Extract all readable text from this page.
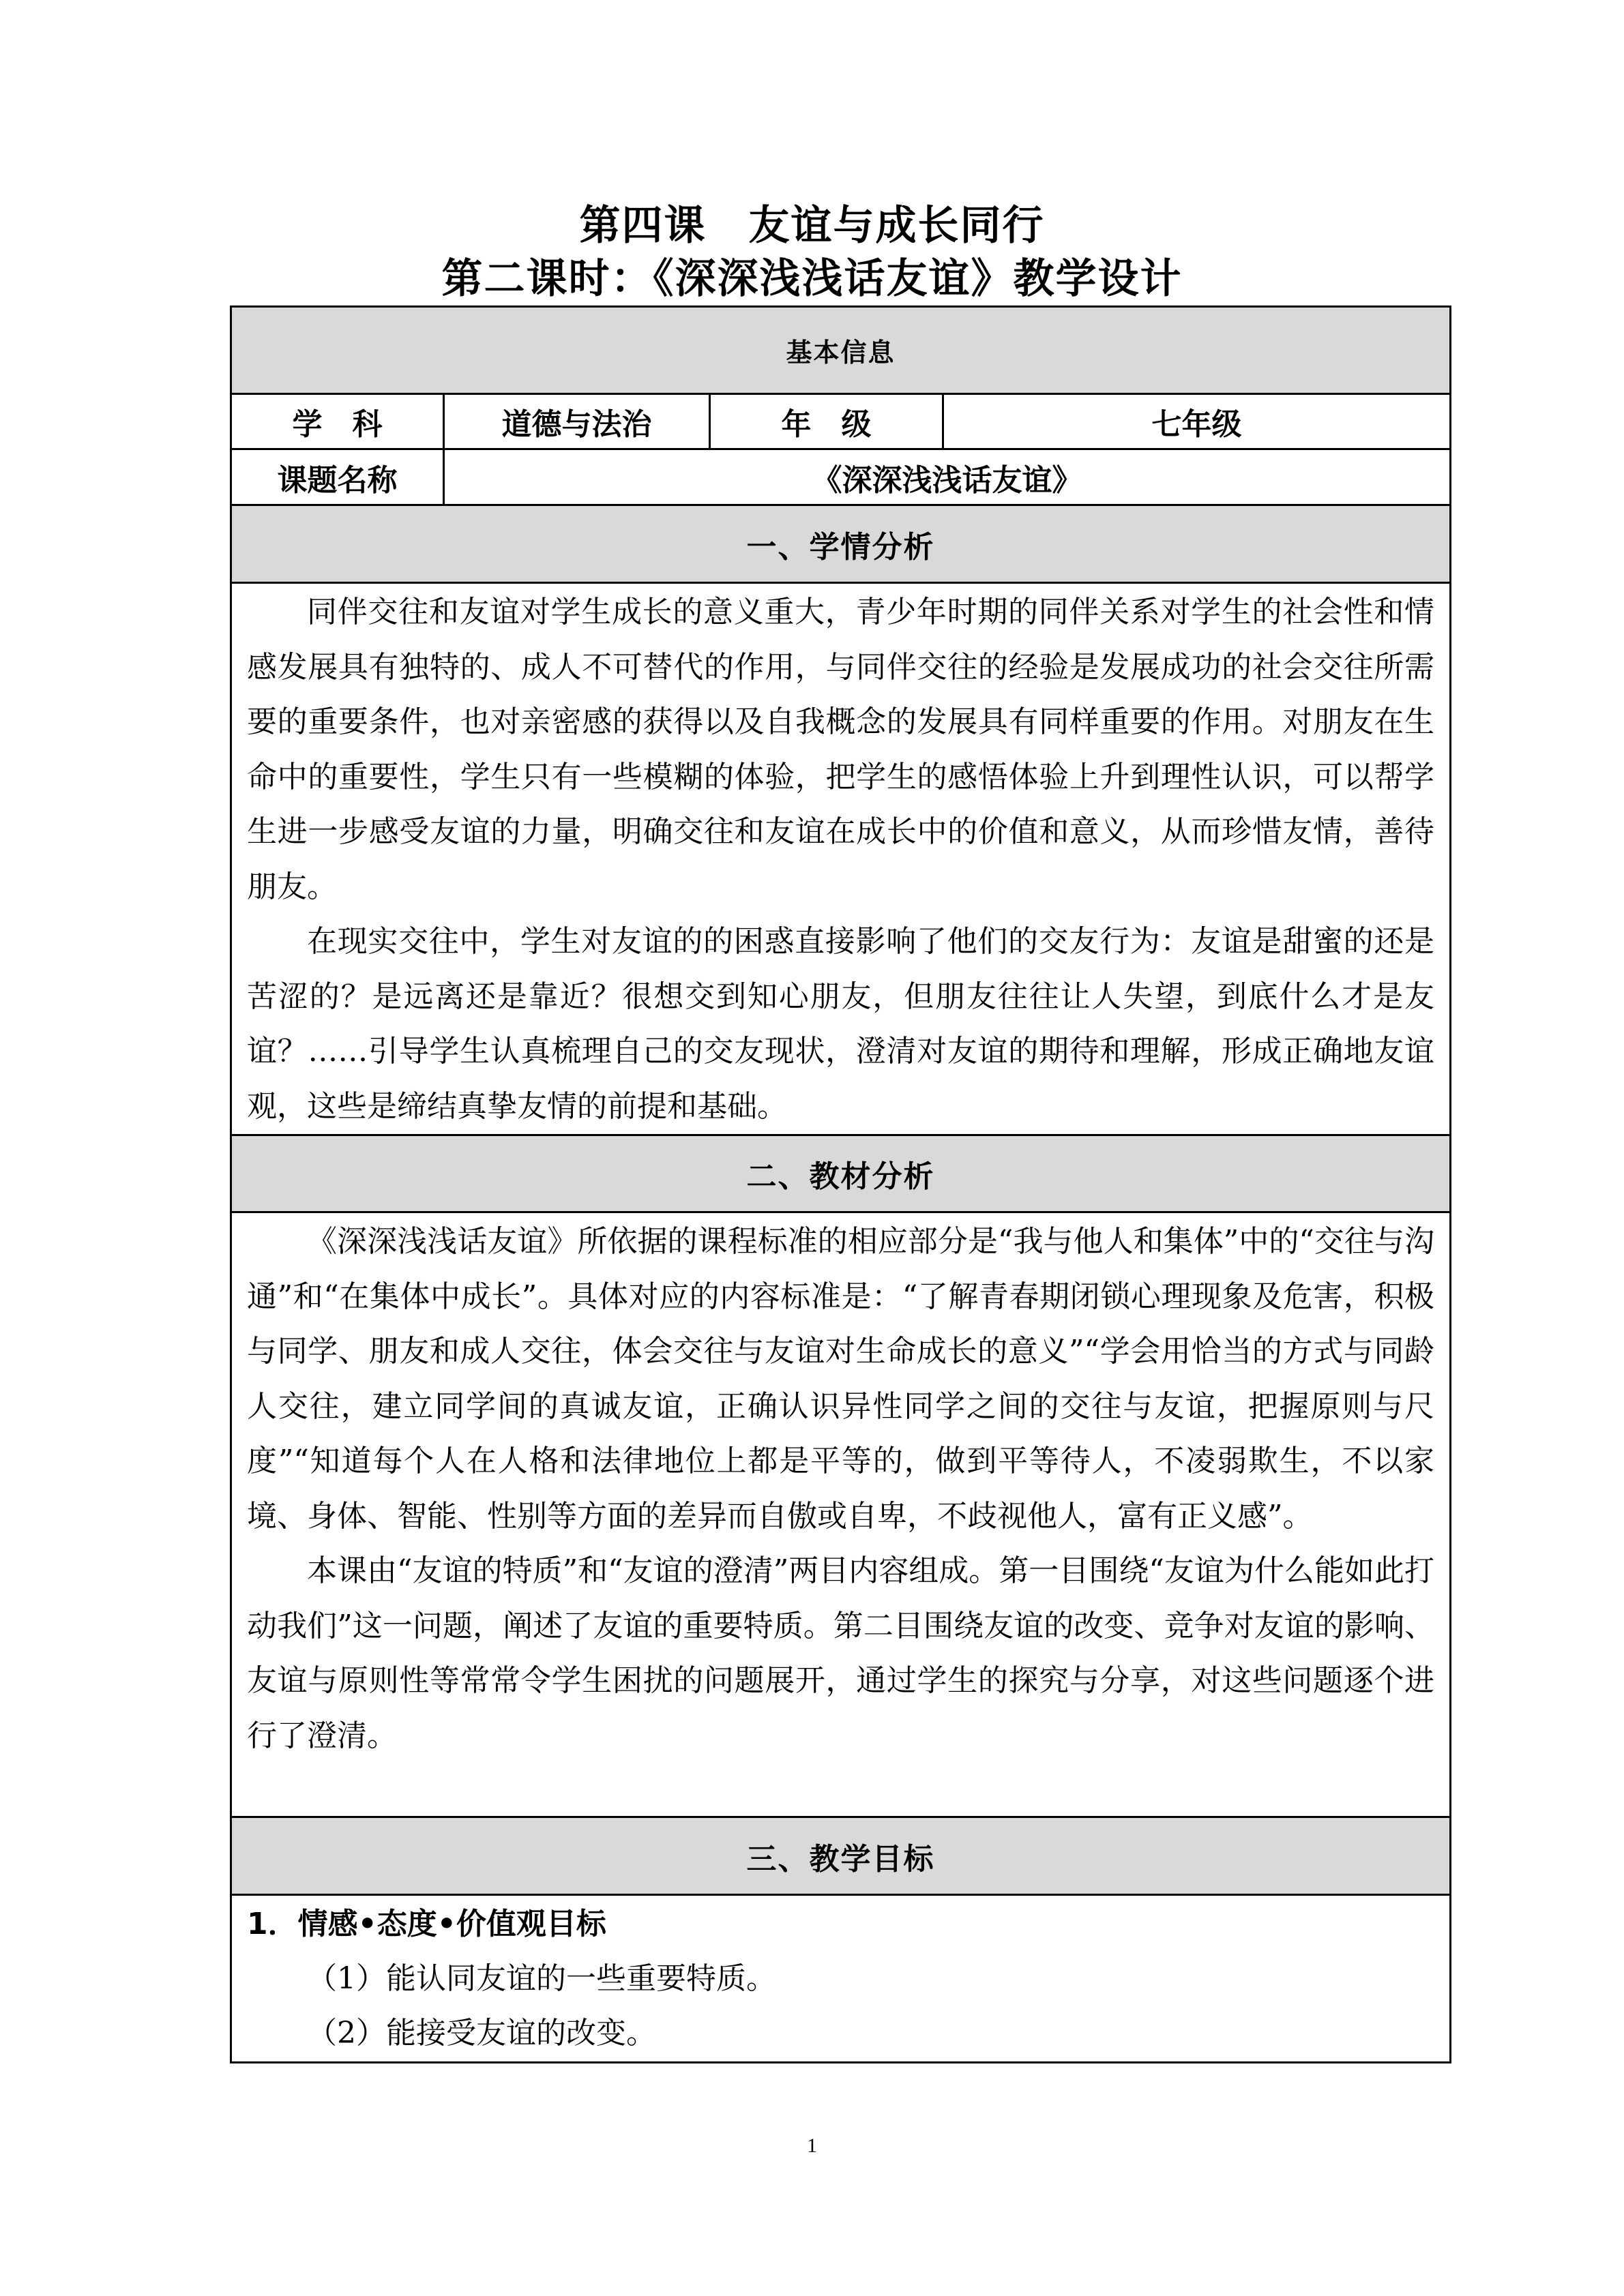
第四课　友谊与成长同行
第二课时：《深深浅浅话友谊》教学设计
基本信息			
学　科	道德与法治	年　级	七年级
课题名称	《深深浅浅话友谊》		
一、学情分析			

同伴交往和友谊对学生成长的意义重大，青少年时期的同伴关系对学生的社会性和情感发展具有独特的、成人不可替代的作用，与同伴交往的经验是发展成功的社会交往所需要的重要条件，也对亲密感的获得以及自我概念的发展具有同样重要的作用。对朋友在生命中的重要性，学生只有一些模糊的体验，把学生的感悟体验上升到理性认识，可以帮学生进一步感受友谊的力量，明确交往和友谊在成长中的价值和意义，从而珍惜友情，善待朋友。

在现实交往中，学生对友谊的的困惑直接影响了他们的交友行为：友谊是甜蜜的还是苦涩的？是远离还是靠近？很想交到知心朋友，但朋友往往让人失望，到底什么才是友谊？……引导学生认真梳理自己的交友现状，澄清对友谊的期待和理解，形成正确地友谊观，这些是缔结真挚友情的前提和基础。			

二、教材分析			

《深深浅浅话友谊》所依据的课程标准的相应部分是“我与他人和集体”中的“交往与沟通”和“在集体中成长”。具体对应的内容标准是：“了解青春期闭锁心理现象及危害，积极与同学、朋友和成人交往，体会交往与友谊对生命成长的意义”“学会用恰当的方式与同龄人交往，建立同学间的真诚友谊，正确认识异性同学之间的交往与友谊，把握原则与尺度”“知道每个人在人格和法律地位上都是平等的，做到平等待人，不凌弱欺生，不以家境、身体、智能、性别等方面的差异而自傲或自卑，不歧视他人，富有正义感”。

本课由“友谊的特质”和“友谊的澄清”两目内容组成。第一目围绕“友谊为什么能如此打动我们”这一问题，阐述了友谊的重要特质。第二目围绕友谊的改变、竞争对友谊的影响、友谊与原则性等常常令学生困扰的问题展开，通过学生的探究与分享，对这些问题逐个进行了澄清。			

三、教学目标			

1．情感•态度•价值观目标
（1）能认同友谊的一些重要特质。
（2）能接受友谊的改变。			
1
